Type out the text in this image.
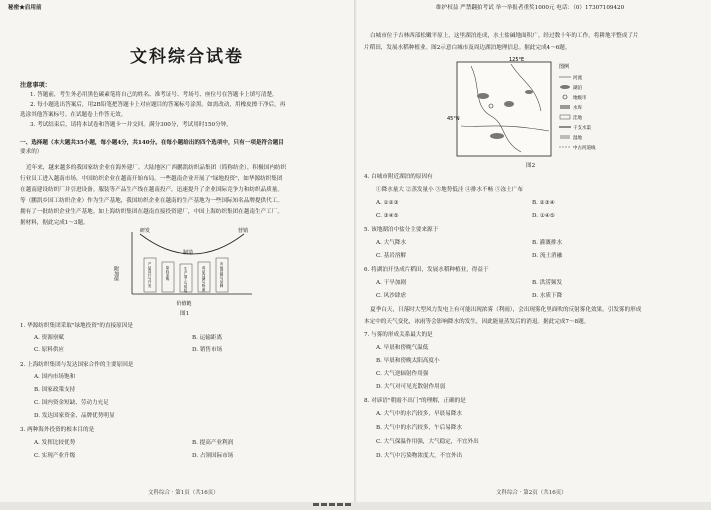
秘密★启用前
文科综合试卷
注意事项：
1. 答题前，考生务必用黑色碳素笔将自己的姓名、准考证号、考场号、座位号在答题卡上填写清楚。
2. 每小题选出答案后，用2B铅笔把答题卡上对应题目的答案标号涂黑。如需改动，用橡皮擦干净后，再
选涂其他答案标号。在试题卷上作答无效。
3. 考试结束后，请将本试卷和答题卡一并交回。满分300分，考试用时150分钟。
一、选择题（本大题共35小题，每小题4分，共140分。在每小题给出的四个选项中，只有一项是符合题目
要求的）
近年来，越来越多的我国家纺企业在海外建厂。大陆地区广西鹏凯纺织品集团（简称纺企），积极国内纺织
行业员工进入越南市场，中国纺织企业在越南开始布局。一些越南企业开展了"绿地投资"，如华源纺织集团
在越南建设纺织厂并引进设备。服装等产品生产线在越南投产，迅速提升了企业国际竞争力和纺织品质量。
等（鹏凯乡国工纺织企业）作为生产基地，我国纺织企业在越南的生产基地为一些国际知名品牌提供代工。
拥有了一批纺织企业生产基地。如上海纺织集团在越南直接投资建厂，中国上海纺织集团在越南生产工厂。
据材料，据此完成1～3题。
附加值
价值链
研发
制造
营销
产品设计与开发	原料采购	生产加工与组装	成品仓储与物流	市场营销与品牌
图1
1. 华源纺织集团采取"绿地投资"的直接原因是
A. 资源禀赋	B. 运输距离
C. 原料供应	D. 销售市场
2. 上海纺织集团与发达国家合作的主要原因是
A. 国内市场饱和
B. 国家政策支持
C. 国内资金短缺、劳动力充足
D. 发达国家资金、品牌优势明显
3. 两种海外投资的根本目的是
A. 发挥比较优势	B. 提高产业利润
C. 实现产业升级	D. 占领国际市场
文科综合 · 第1页（共16页）
维护权益 严禁翻拍考试 举一举报者重奖1000元 电话：（0）17307109420
白城市位于吉林西部松嫩平原上，这里湖泊连成，水土盐碱地面积广。经过数十年的工作，将耕地平整成了片
片稻田，发展水稻种植业。图2示意白城市及周边湖泊地理信息。据此完成4～6题。
125°E
45°N
图例
河流
湖泊
地级市
水库
洼地
干支水渠
湿地
中古河道线
图2
4. 白城市附近湖泊的原因有
①降水量大 ②蒸发量小 ③地势低洼 ④排水不畅 ⑤冻土广布
A. ①②③	B. ②③④
C. ③④⑤	D. ①④⑤
5. 该地湖泊中盐分主要来源于
A. 大气降水	B. 灌溉排水
C. 基岩溶解	D. 流土消融
6. 将湖泊开垦成片稻田，发展水稻种植业，得益于
A. 干旱加剧	B. 洪涝频发
C. 风沙肆虐	D. 水质下降
夏季白天，日落时大型风力发电上有可能出现浓雾（利雨），会出现雾化里面吹的反射雾化效果，引发雾的形成
本定中的天气变化，冰雨等会影响降水的发生，因此能量蒸发后的消退。据此完成7～8题。
7. 与雾的形成关系最大的是
A. 早晨和傍晚气温低
B. 早晨和傍晚太阳高度小
C. 大气逆辐射作用强
D. 大气对可见光散射作用弱
8. 对谚语"朝霞不出门"的理解，正确的是
A. 大气中的水汽较多，早晨易降水
B. 大气中的水汽较多，午后易降水
C. 大气保温作用强，大气稳定，不宜外出
D. 大气中污染物浓度大，不宜外出
文科综合 · 第2页（共16页）
